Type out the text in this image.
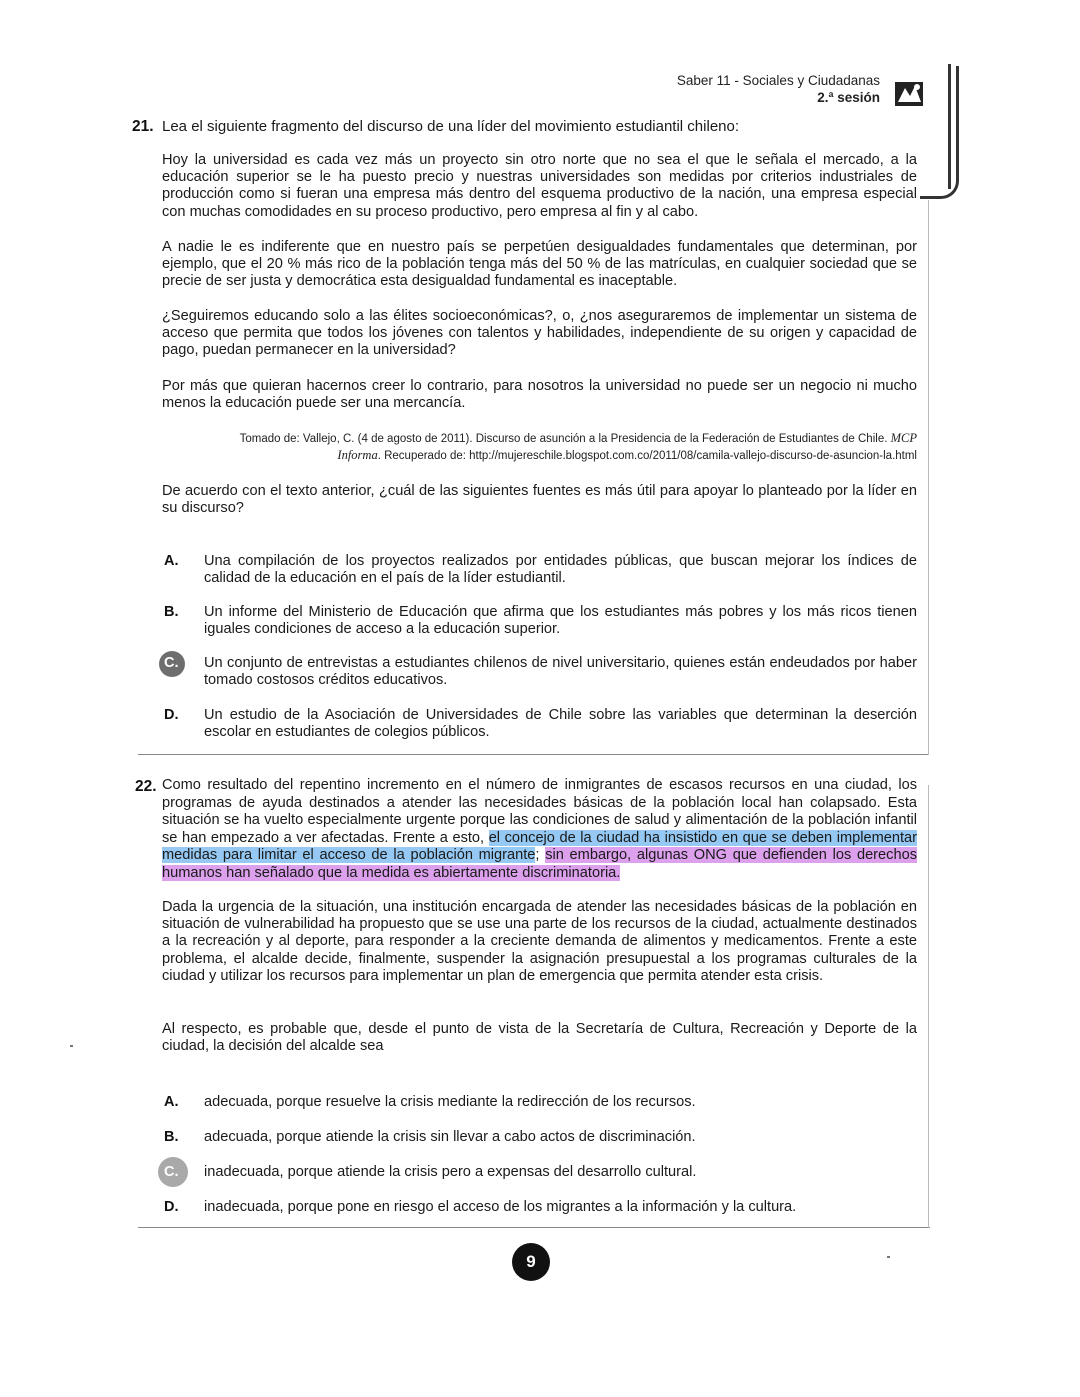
Saber 11 - Sociales y Ciudadanas
2.ª sesión
21. Lea el siguiente fragmento del discurso de una líder del movimiento estudiantil chileno:
Hoy la universidad es cada vez más un proyecto sin otro norte que no sea el que le señala el mercado, a la educación superior se le ha puesto precio y nuestras universidades son medidas por criterios industriales de producción como si fueran una empresa más dentro del esquema productivo de la nación, una empresa especial con muchas comodidades en su proceso productivo, pero empresa al fin y al cabo.
A nadie le es indiferente que en nuestro país se perpetúen desigualdades fundamentales que determinan, por ejemplo, que el 20 % más rico de la población tenga más del 50 % de las matrículas, en cualquier sociedad que se precie de ser justa y democrática esta desigualdad fundamental es inaceptable.
¿Seguiremos educando solo a las élites socioeconómicas?, o, ¿nos aseguraremos de implementar un sistema de acceso que permita que todos los jóvenes con talentos y habilidades, independiente de su origen y capacidad de pago, puedan permanecer en la universidad?
Por más que quieran hacernos creer lo contrario, para nosotros la universidad no puede ser un negocio ni mucho menos la educación puede ser una mercancía.
Tomado de: Vallejo, C. (4 de agosto de 2011). Discurso de asunción a la Presidencia de la Federación de Estudiantes de Chile. MCP
Informa. Recuperado de: http://mujereschile.blogspot.com.co/2011/08/camila-vallejo-discurso-de-asuncion-la.html
De acuerdo con el texto anterior, ¿cuál de las siguientes fuentes es más útil para apoyar lo planteado por la líder en su discurso?
A.	Una compilación de los proyectos realizados por entidades públicas, que buscan mejorar los índices de calidad de la educación en el país de la líder estudiantil.
B.	Un informe del Ministerio de Educación que afirma que los estudiantes más pobres y los más ricos tienen iguales condiciones de acceso a la educación superior.
C.	Un conjunto de entrevistas a estudiantes chilenos de nivel universitario, quienes están endeudados por haber tomado costosos créditos educativos.
D.	Un estudio de la Asociación de Universidades de Chile sobre las variables que determinan la deserción escolar en estudiantes de colegios públicos.
22. Como resultado del repentino incremento en el número de inmigrantes de escasos recursos en una ciudad, los programas de ayuda destinados a atender las necesidades básicas de la población local han colapsado. Esta situación se ha vuelto especialmente urgente porque las condiciones de salud y alimentación de la población infantil se han empezado a ver afectadas. Frente a esto, el concejo de la ciudad ha insistido en que se deben implementar medidas para limitar el acceso de la población migrante; sin embargo, algunas ONG que defienden los derechos humanos han señalado que la medida es abiertamente discriminatoria.
Dada la urgencia de la situación, una institución encargada de atender las necesidades básicas de la población en situación de vulnerabilidad ha propuesto que se use una parte de los recursos de la ciudad, actualmente destinados a la recreación y al deporte, para responder a la creciente demanda de alimentos y medicamentos. Frente a este problema, el alcalde decide, finalmente, suspender la asignación presupuestal a los programas culturales de la ciudad y utilizar los recursos para implementar un plan de emergencia que permita atender esta crisis.
Al respecto, es probable que, desde el punto de vista de la Secretaría de Cultura, Recreación y Deporte de la ciudad, la decisión del alcalde sea
A.	adecuada, porque resuelve la crisis mediante la redirección de los recursos.
B.	adecuada, porque atiende la crisis sin llevar a cabo actos de discriminación.
C.	inadecuada, porque atiende la crisis pero a expensas del desarrollo cultural.
D.	inadecuada, porque pone en riesgo el acceso de los migrantes a la información y la cultura.
9
